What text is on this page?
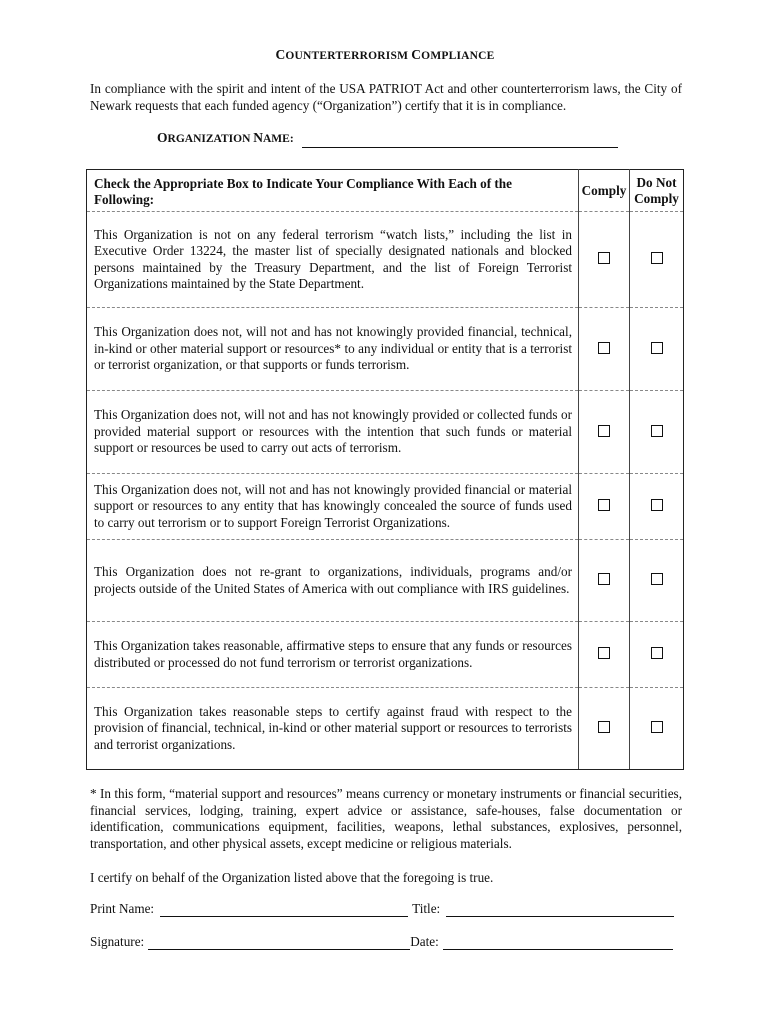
COUNTERTERRORISM COMPLIANCE
In compliance with the spirit and intent of the USA PATRIOT Act and other counterterrorism laws, the City of Newark requests that each funded agency (“Organization”) certify that it is in compliance.
ORGANIZATION NAME:
Check the Appropriate Box to Indicate Your Compliance With Each of the Following:	Comply	Do Not Comply

This Organization is not on any federal terrorism “watch lists,” including the list in Executive Order 13224, the master list of specially designated nationals and blocked persons maintained by the Treasury Department, and the list of Foreign Terrorist Organizations maintained by the State Department.		

This Organization does not, will not and has not knowingly provided financial, technical, in-kind or other material support or resources* to any individual or entity that is a terrorist or terrorist organization, or that supports or funds terrorism.		

This Organization does not, will not and has not knowingly provided or collected funds or provided material support or resources with the intention that such funds or material support or resources be used to carry out acts of terrorism.		

This Organization does not, will not and has not knowingly provided financial or material support or resources to any entity that has knowingly concealed the source of funds used to carry out terrorism or to support Foreign Terrorist Organizations.		

This Organization does not re-grant to organizations, individuals, programs and/or projects outside of the United States of America with out compliance with IRS guidelines.		

This Organization takes reasonable, affirmative steps to ensure that any funds or resources distributed or processed do not fund terrorism or terrorist organizations.		

This Organization takes reasonable steps to certify against fraud with respect to the provision of financial, technical, in-kind or other material support or resources to terrorists and terrorist organizations.		

* In this form, “material support and resources” means currency or monetary instruments or financial securities, financial services, lodging, training, expert advice or assistance, safe-houses, false documentation or identification, communications equipment, facilities, weapons, lethal substances, explosives, personnel, transportation, and other physical assets, except medicine or religious materials.
I certify on behalf of the Organization listed above that the foregoing is true.
Print Name:	Title:
Signature:	Date:
